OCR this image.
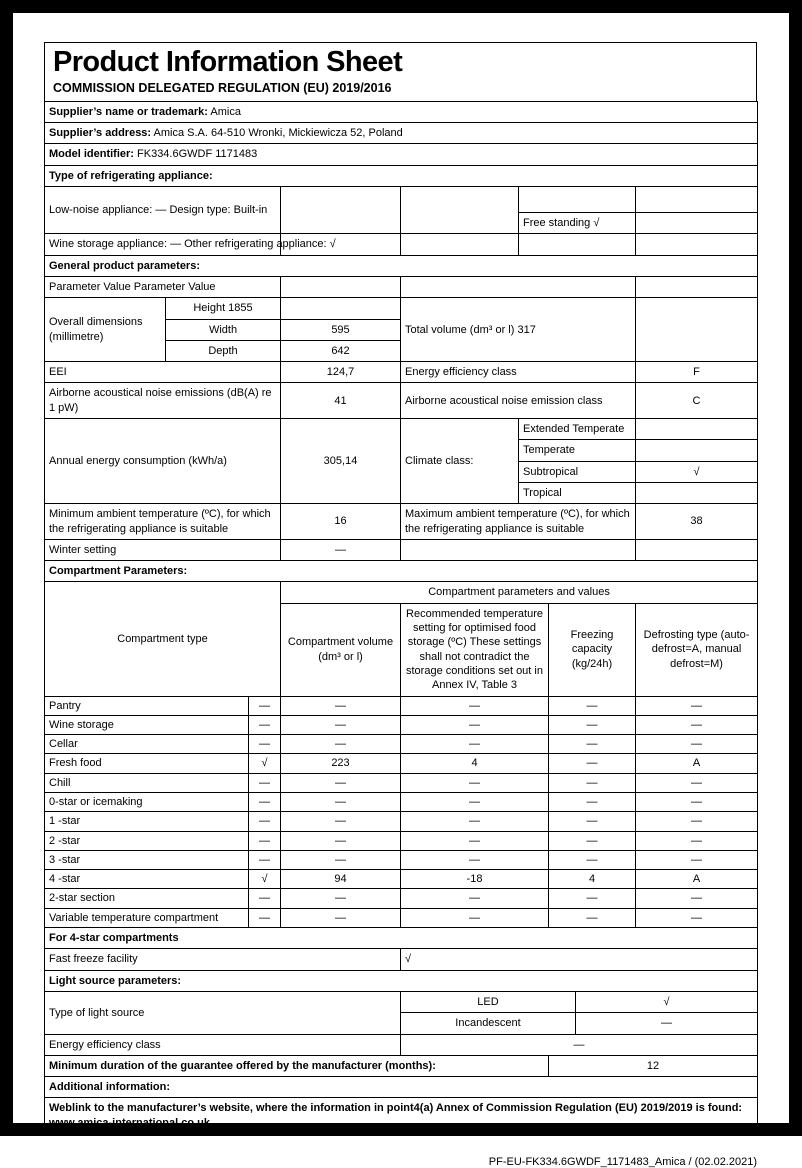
Product Information Sheet
COMMISSION DELEGATED REGULATION (EU) 2019/2016
Supplier’s name or trademark: Amica
Supplier’s address: Amica S.A. 64-510 Wronki, Mickiewicza 52, Poland
Model identifier: FK334.6GWDF 1171483
Type of refrigerating appliance:
Low-noise appliance: — Design type: Built-in				
			Free standing √	
Wine storage appliance: — Other refrigerating appliance: √				
General product parameters:
Parameter Value Parameter Value			
Overall dimensions (millimetre)	Height 1855		Total volume (dm³ or l) 317	
	Width	595		
	Depth	642		
EEI	124,7	Energy efficiency class	F
Airborne acoustical noise emissions (dB(A) re 1 pW)	41	Airborne acoustical noise emission class	C
Annual energy consumption (kWh/a)	305,14	Climate class:	Extended Temperate	
			Temperate	
			Subtropical	√
			Tropical	
Minimum ambient temperature (ºC), for which the refrigerating appliance is suitable	16	Maximum ambient temperature (ºC), for which the refrigerating appliance is suitable	38
Winter setting	—		
Compartment Parameters:					
Compartment type		Compartment parameters and values			
		Compartment volume (dm³ or l)	Recommended temperature setting for optimised food storage (ºC) These settings shall not contradict the storage conditions set out in Annex IV, Table 3	Freezing capacity (kg/24h)	Defrosting type (auto-defrost=A, manual defrost=M)
Pantry	—	—	—	—	—
Wine storage	—	—	—	—	—
Cellar	—	—	—	—	—
Fresh food	√	223	4	—	A
Chill	—	—	—	—	—
0-star or icemaking	—	—	—	—	—
1 -star	—	—	—	—	—
2 -star	—	—	—	—	—
3 -star	—	—	—	—	—
4 -star	√	94	-18	4	A
2-star section	—	—	—	—	—
Variable temperature compartment	—	—	—	—	—
For 4-star compartments
Fast freeze facility	√
Light source parameters:		
Type of light source	LED	√
	Incandescent	—
Energy efficiency class	—
Minimum duration of the guarantee offered by the manufacturer (months):	12
Additional information:
Weblink to the manufacturer’s website, where the information in point4(a) Annex of Commission Regulation (EU) 2019/2019 is found: www.amica-international.co.uk
PF-EU-FK334.6GWDF_1171483_Amica / (02.02.2021)
